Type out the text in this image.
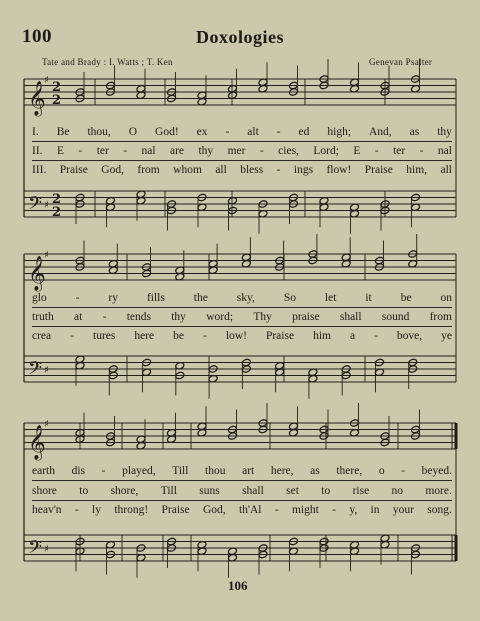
100	Doxologies
Tate and Brady : I. Watts ; T. Ken	Genevan Psalter
𝄞
♯
𝄢 ♯
𝄞
♯
𝄢 ♯
𝄞
♯
𝄢 ♯
2
2
2
2
I. Be thou, O God! ex - alt - ed high; And, as thy
II. E - ter - nal are thy mer - cies, Lord; E - ter - nal
III. Praise God, from whom all bless - ings flow! Praise him, all
glo	-	ry	fills	the	sky,	So	let	it	be	on
truth at - tends thy word; Thy praise shall sound from
crea - tures here be - low! Praise him a - bove, ye
earth dis - played, Till thou art here, as there, o - beyed.
shore to shore, Till suns shall set to rise no more.
heav'n - ly throng! Praise God, th'Al - might - y, in your song.
106
